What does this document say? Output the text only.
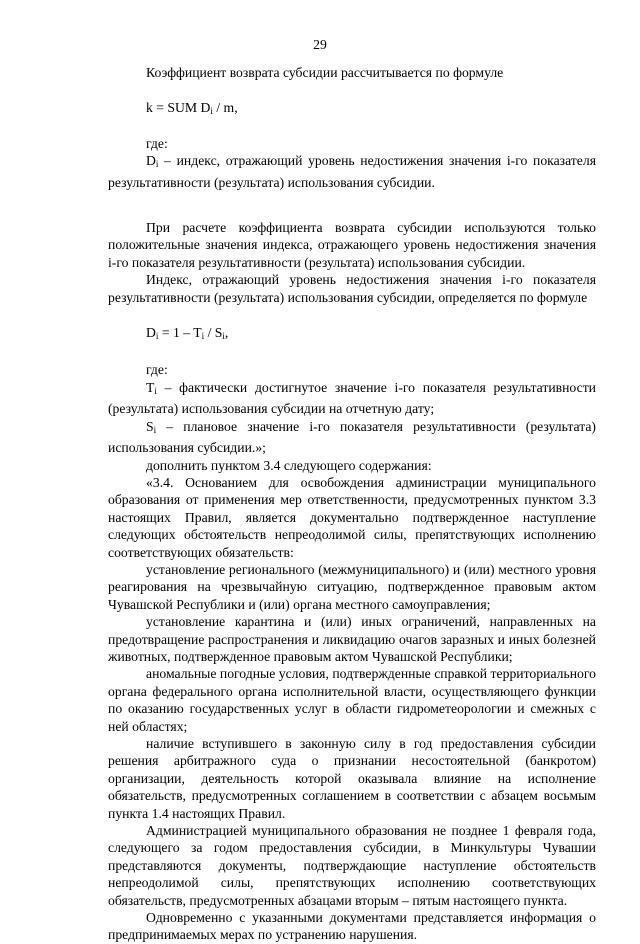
29

Коэффициент возврата субсидии рассчитывается по формуле

k = SUM $D_i$ / m,

где:

$D_i$ – индекс, отражающий уровень недостижения значения i-го показателя результативности (результата) использования субсидии.

При расчете коэффициента возврата субсидии используются только положительные значения индекса, отражающего уровень недостижения значения i-го показателя результативности (результата) использования субсидии.

Индекс, отражающий уровень недостижения значения i-го показателя результативности (результата) использования субсидии, определяется по формуле

$D_i = 1 - T_i / S_i$,

где:

$T_i$ – фактически достигнутое значение i-го показателя результативности (результата) использования субсидии на отчетную дату;

$S_i$ – плановое значение i-го показателя результативности (результата) использования субсидии.»;

дополнить пунктом 3.4 следующего содержания:

«3.4. Основанием для освобождения администрации муниципального образования от применения мер ответственности, предусмотренных пунктом 3.3 настоящих Правил, является документально подтвержденное наступление следующих обстоятельств непреодолимой силы, препятствующих исполнению соответствующих обязательств:

установление регионального (межмуниципального) и (или) местного уровня реагирования на чрезвычайную ситуацию, подтвержденное правовым актом Чувашской Республики и (или) органа местного самоуправления;

установление карантина и (или) иных ограничений, направленных на предотвращение распространения и ликвидацию очагов заразных и иных болезней животных, подтвержденное правовым актом Чувашской Республики;

аномальные погодные условия, подтвержденные справкой территориального органа федерального органа исполнительной власти, осуществляющего функции по оказанию государственных услуг в области гидрометеорологии и смежных с ней областях;

наличие вступившего в законную силу в год предоставления субсидии решения арбитражного суда о признании несостоятельной (банкротом) организации, деятельность которой оказывала влияние на исполнение обязательств, предусмотренных соглашением в соответствии с абзацем восьмым пункта 1.4 настоящих Правил.

Администрацией муниципального образования не позднее 1 февраля года, следующего за годом предоставления субсидии, в Минкультуры Чувашии представляются документы, подтверждающие наступление обстоятельств непреодолимой силы, препятствующих исполнению соответствующих обязательств, предусмотренных абзацами вторым – пятым настоящего пункта.

Одновременно с указанными документами представляется информация о предпринимаемых мерах по устранению нарушения.
